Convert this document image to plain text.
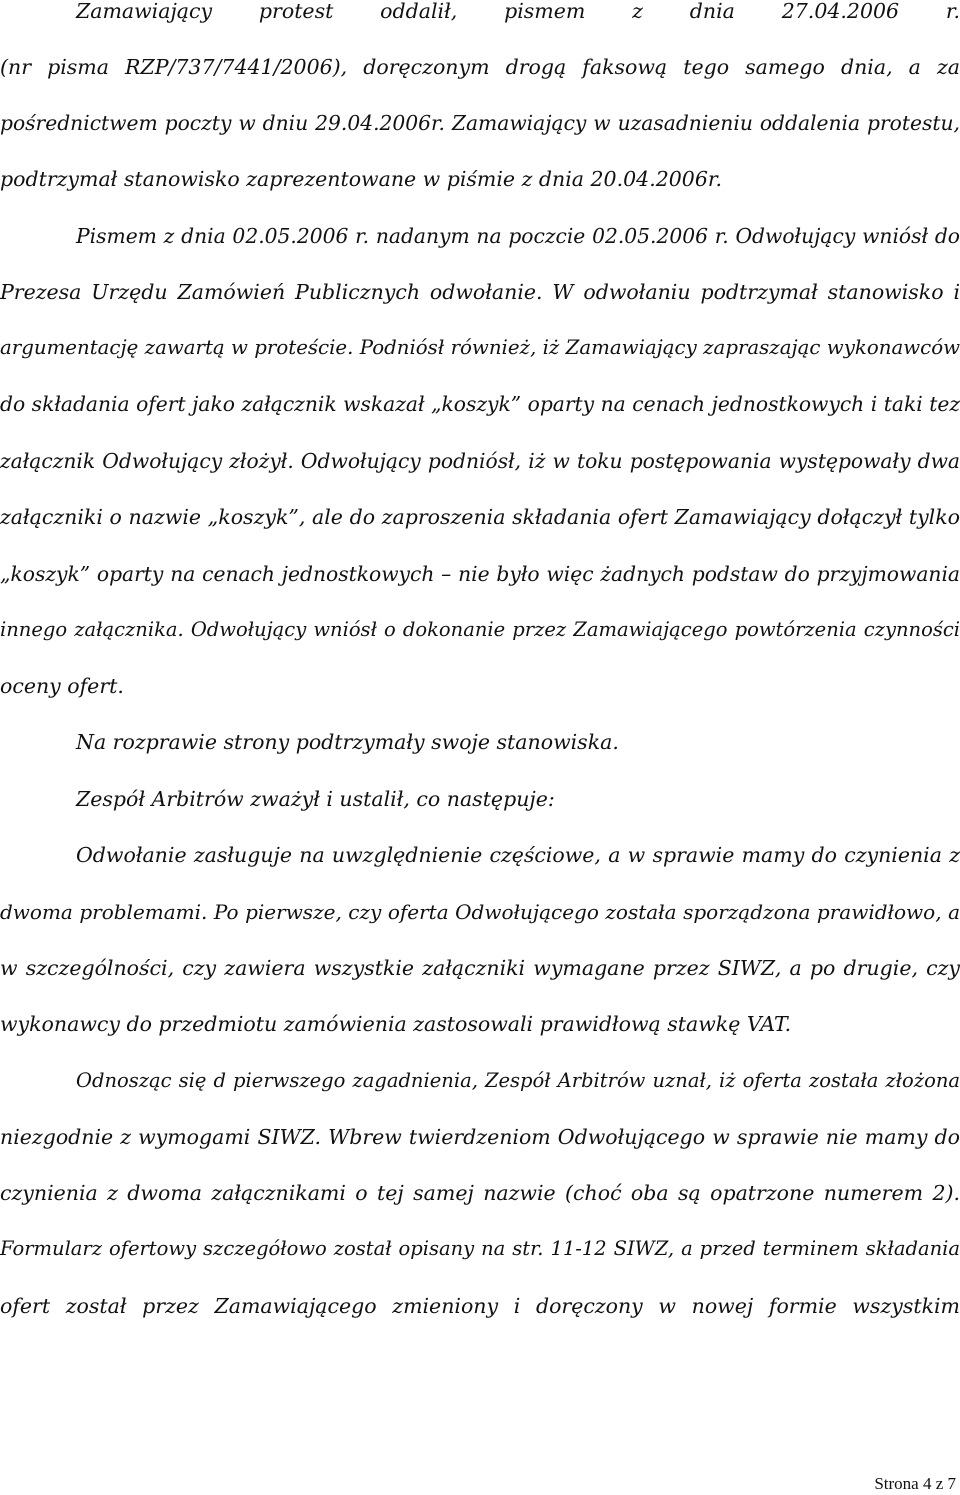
Zamawiający protest oddalił, pismem z dnia 27.04.2006 r.
(nr pisma RZP/737/7441/2006), doręczonym drogą faksową tego samego dnia, a za
pośrednictwem poczty w dniu 29.04.2006r. Zamawiający w uzasadnieniu oddalenia protestu,
podtrzymał stanowisko zaprezentowane w piśmie z dnia 20.04.2006r.
Pismem z dnia 02.05.2006 r. nadanym na poczcie 02.05.2006 r. Odwołujący wniósł do
Prezesa Urzędu Zamówień Publicznych odwołanie. W odwołaniu podtrzymał stanowisko i
argumentację zawartą w proteście. Podniósł również, iż Zamawiający zapraszając wykonawców
do składania ofert jako załącznik wskazał „koszyk” oparty na cenach jednostkowych i taki tez
załącznik Odwołujący złożył. Odwołujący podniósł, iż w toku postępowania występowały dwa
załączniki o nazwie „koszyk”, ale do zaproszenia składania ofert Zamawiający dołączył tylko
„koszyk” oparty na cenach jednostkowych – nie było więc żadnych podstaw do przyjmowania
innego załącznika. Odwołujący wniósł o dokonanie przez Zamawiającego powtórzenia czynności
oceny ofert.
Na rozprawie strony podtrzymały swoje stanowiska.
Zespół Arbitrów zważył i ustalił, co następuje:
Odwołanie zasługuje na uwzględnienie częściowe, a w sprawie mamy do czynienia z
dwoma problemami. Po pierwsze, czy oferta Odwołującego została sporządzona prawidłowo, a
w szczególności, czy zawiera wszystkie załączniki wymagane przez SIWZ, a po drugie, czy
wykonawcy do przedmiotu zamówienia zastosowali prawidłową stawkę VAT.
Odnosząc się d pierwszego zagadnienia, Zespół Arbitrów uznał, iż oferta została złożona
niezgodnie z wymogami SIWZ. Wbrew twierdzeniom Odwołującego w sprawie nie mamy do
czynienia z dwoma załącznikami o tej samej nazwie (choć oba są opatrzone numerem 2).
Formularz ofertowy szczegółowo został opisany na str. 11-12 SIWZ, a przed terminem składania
ofert został przez Zamawiającego zmieniony i doręczony w nowej formie wszystkim
Strona 4 z 7
